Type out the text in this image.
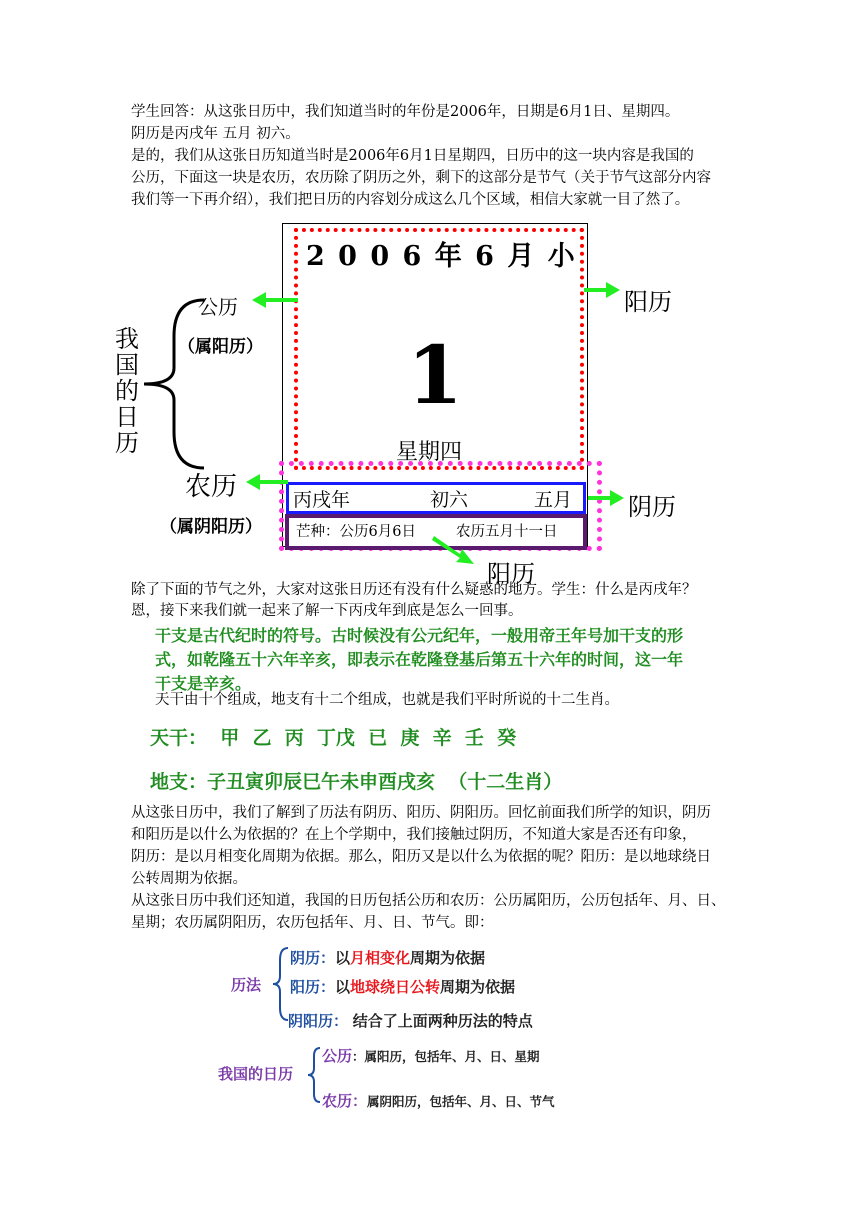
学生回答：从这张日历中，我们知道当时的年份是2006年，日期是6月1日、星期四。
阴历是丙戌年 五月 初六。
是的，我们从这张日历知道当时是2006年6月1日星期四，日历中的这一块内容是我国的
公历，下面这一块是农历，农历除了阴历之外，剩下的这部分是节气（关于节气这部分内容
我们等一下再介绍），我们把日历的内容划分成这么几个区域，相信大家就一目了然了。
2 0 0 6 年 6 月 小
1
星期四
丙戌年	初六	五月
芒种：公历6月6日	农历五月十一日
我国的日历
公历
（属阳历）
农历
（属阴阳历）
阳历
阴历
阳历
除了下面的节气之外，大家对这张日历还有没有什么疑惑的地方。学生：什么是丙戌年？
恩，接下来我们就一起来了解一下丙戌年到底是怎么一回事。
干支是古代纪时的符号。古时候没有公元纪年，一般用帝王年号加干支的形
式，如乾隆五十六年辛亥，即表示在乾隆登基后第五十六年的时间，这一年
干支是辛亥。
天干由十个组成，地支有十二个组成，也就是我们平时所说的十二生肖。
天干：  甲  乙  丙  丁戊  已  庚  辛  壬  癸
地支：子丑寅卯辰巳午未申酉戌亥  （十二生肖）
从这张日历中，我们了解到了历法有阴历、阳历、阴阳历。回忆前面我们所学的知识，阴历
和阳历是以什么为依据的？在上个学期中，我们接触过阴历，不知道大家是否还有印象，
阴历：是以月相变化周期为依据。那么，阳历又是以什么为依据的呢？阳历：是以地球绕日
公转周期为依据。
从这张日历中我们还知道，我国的日历包括公历和农历：公历属阳历，公历包括年、月、日、
星期；农历属阴阳历，农历包括年、月、日、节气。即：
历法
阴历：以月相变化周期为依据
阳历：以地球绕日公转周期为依据
阴阳历： 结合了上面两种历法的特点
我国的日历
公历：属阳历，包括年、月、日、星期
农历：属阴阳历，包括年、月、日、节气
